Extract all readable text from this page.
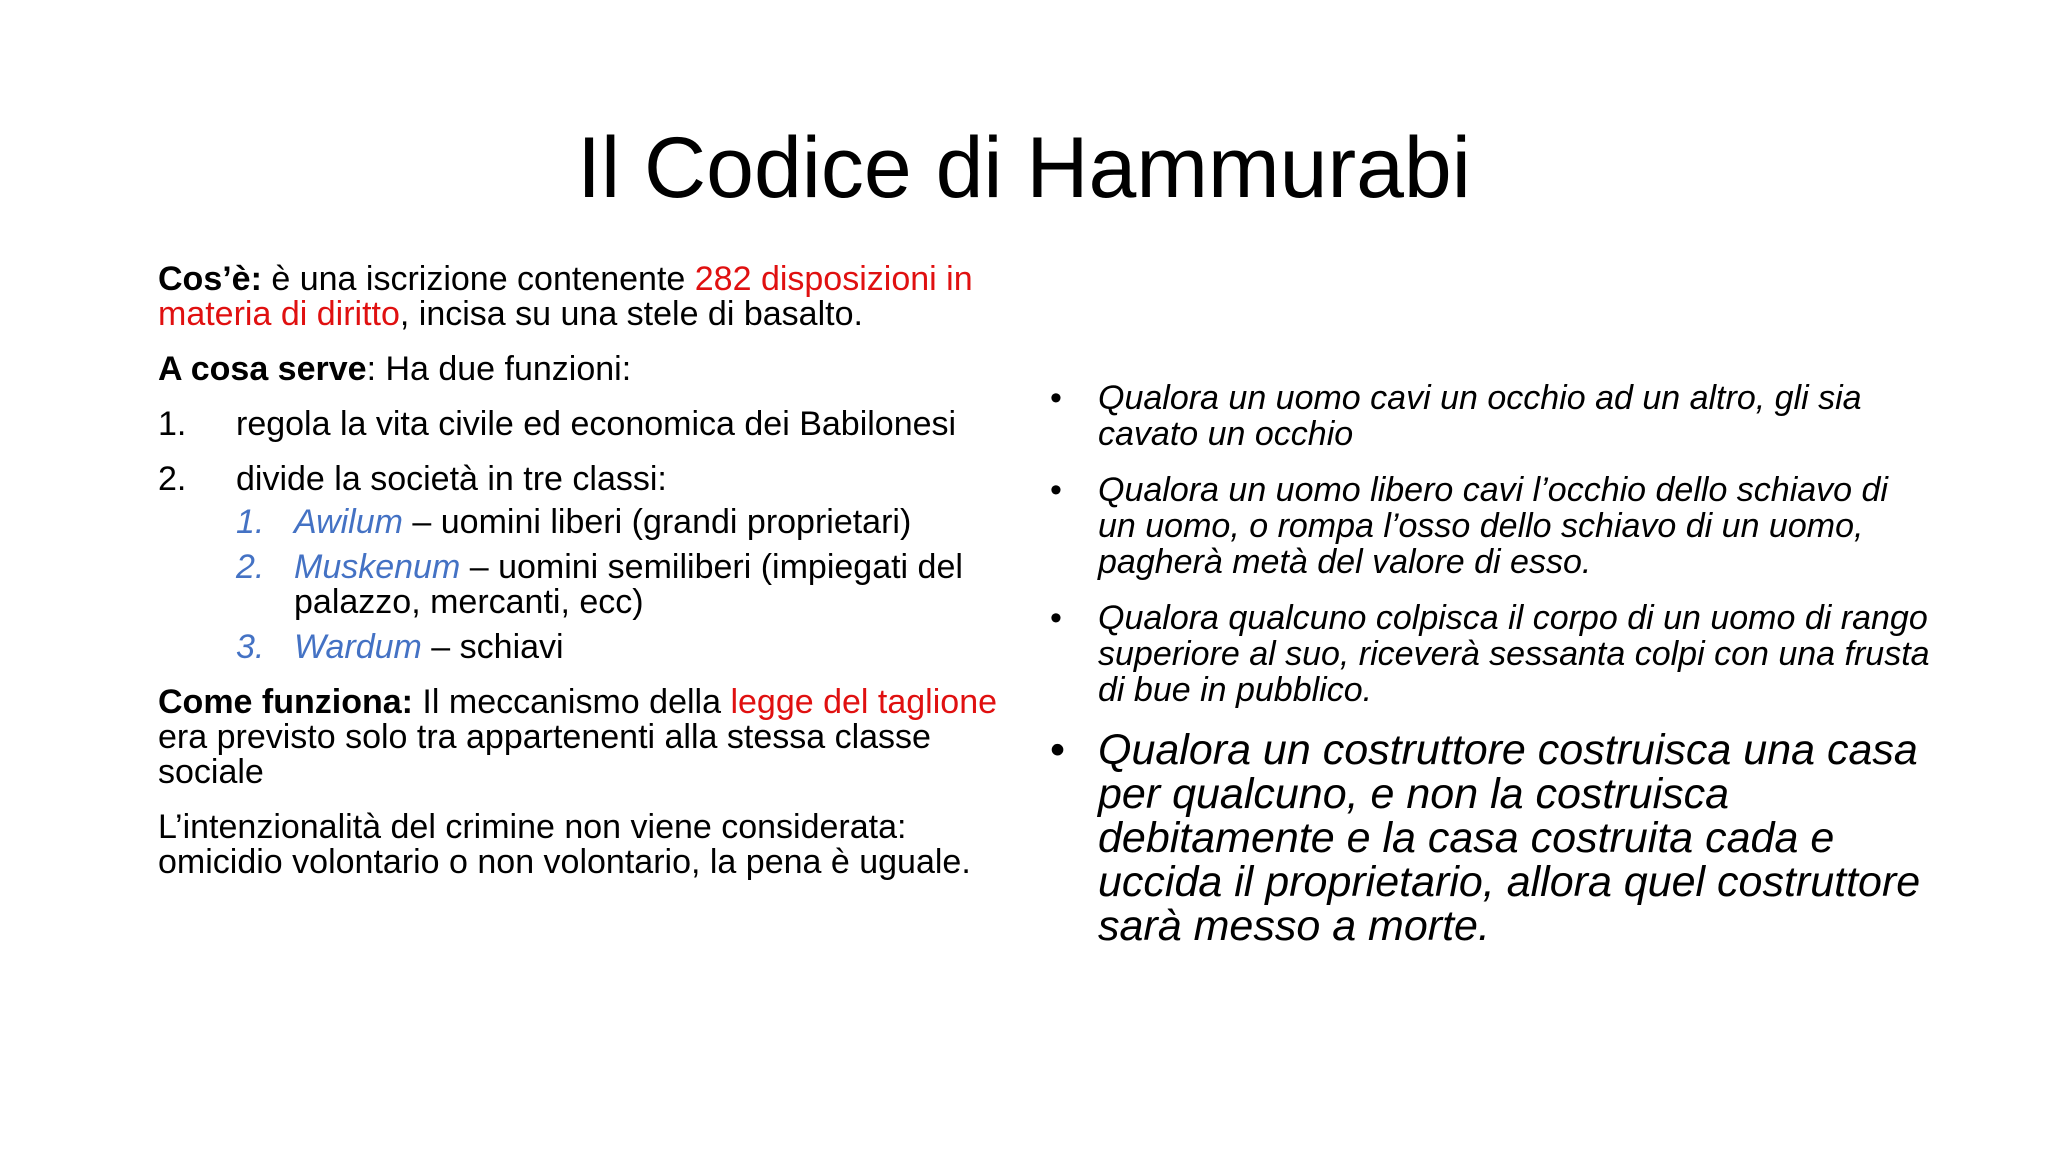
Il Codice di Hammurabi

Cos’è: è una iscrizione contenente 282 disposizioni in materia di diritto, incisa su una stele di basalto.

A cosa serve: Ha due funzioni:

1. regola la vita civile ed economica dei Babilonesi
2. divide la società in tre classi:
1. Awilum – uomini liberi (grandi proprietari)
2. Muskenum – uomini semiliberi (impiegati del palazzo, mercanti, ecc)
3. Wardum – schiavi

Come funziona: Il meccanismo della legge del taglione era previsto solo tra appartenenti alla stessa classe sociale

L’intenzionalità del crimine non viene considerata: omicidio volontario o non volontario, la pena è uguale.

• Qualora un uomo cavi un occhio ad un altro, gli sia cavato un occhio
• Qualora un uomo libero cavi l’occhio dello schiavo di un uomo, o rompa l’osso dello schiavo di un uomo, pagherà metà del valore di esso.
• Qualora qualcuno colpisca il corpo di un uomo di rango superiore al suo, riceverà sessanta colpi con una frusta di bue in pubblico.
• Qualora un costruttore costruisca una casa per qualcuno, e non la costruisca debitamente e la casa costruita cada e uccida il proprietario, allora quel costruttore sarà messo a morte.
